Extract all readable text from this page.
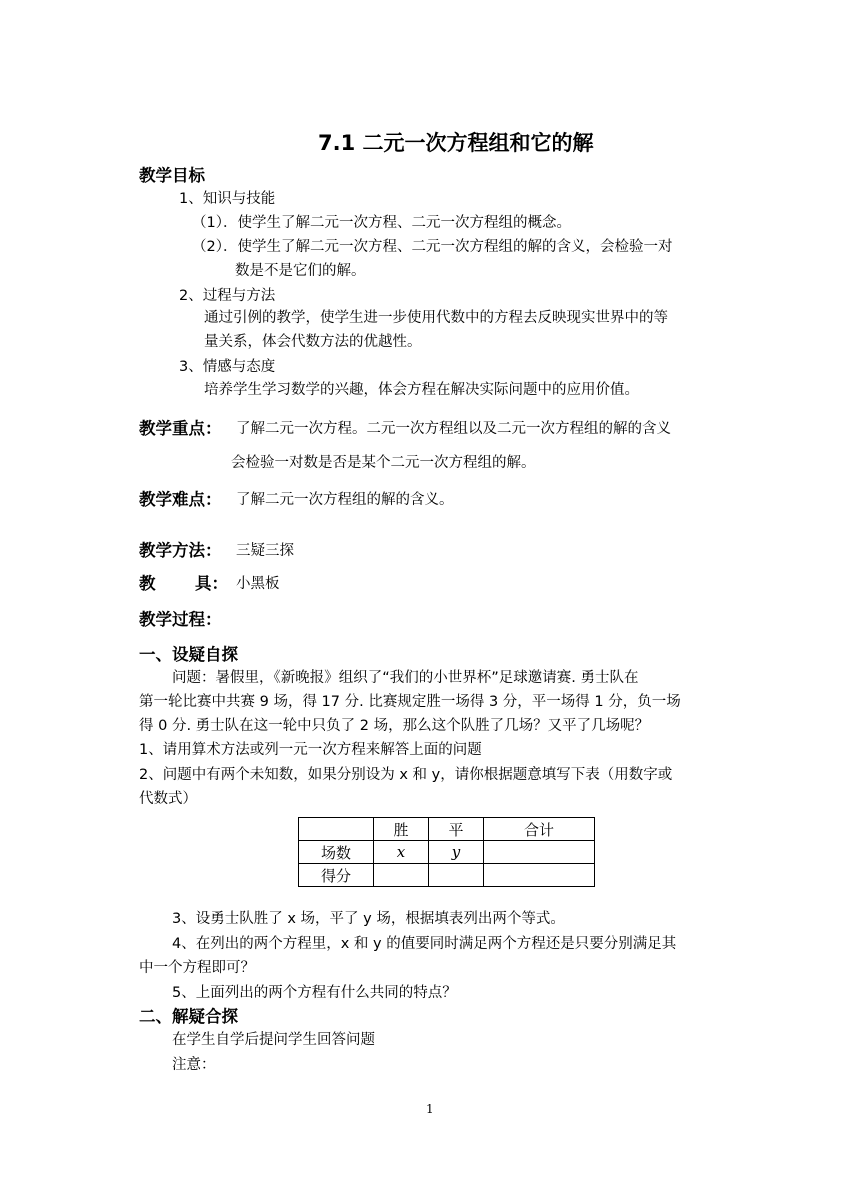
7.1 二元一次方程组和它的解
教学目标
1、知识与技能
（1）．使学生了解二元一次方程、二元一次方程组的概念。
（2）．使学生了解二元一次方程、二元一次方程组的解的含义，会检验一对
数是不是它们的解。
2、过程与方法
通过引例的教学，使学生进一步使用代数中的方程去反映现实世界中的等
量关系，体会代数方法的优越性。
3、情感与态度
培养学生学习数学的兴趣，体会方程在解决实际问题中的应用价值。
教学重点： 了解二元一次方程。二元一次方程组以及二元一次方程组的解的含义
会检验一对数是否是某个二元一次方程组的解。
教学难点： 了解二元一次方程组的解的含义。
教学方法： 三疑三探
教 具： 小黑板
教学过程：
一、设疑自探
问题：暑假里，《新晚报》组织了“我们的小世界杯”足球邀请赛. 勇士队在
第一轮比赛中共赛 9 场，得 17 分. 比赛规定胜一场得 3 分，平一场得 1 分，负一场
得 0 分. 勇士队在这一轮中只负了 2 场，那么这个队胜了几场？又平了几场呢？
1、请用算术方法或列一元一次方程来解答上面的问题
2、问题中有两个未知数，如果分别设为 x 和 y，请你根据题意填写下表（用数字或
代数式）
	胜	平	合计
场数	x	y	
得分			
3、设勇士队胜了 x 场，平了 y 场，根据填表列出两个等式。
4、在列出的两个方程里，x 和 y 的值要同时满足两个方程还是只要分别满足其
中一个方程即可？
5、上面列出的两个方程有什么共同的特点？
二、解疑合探
在学生自学后提问学生回答问题
注意：
1
